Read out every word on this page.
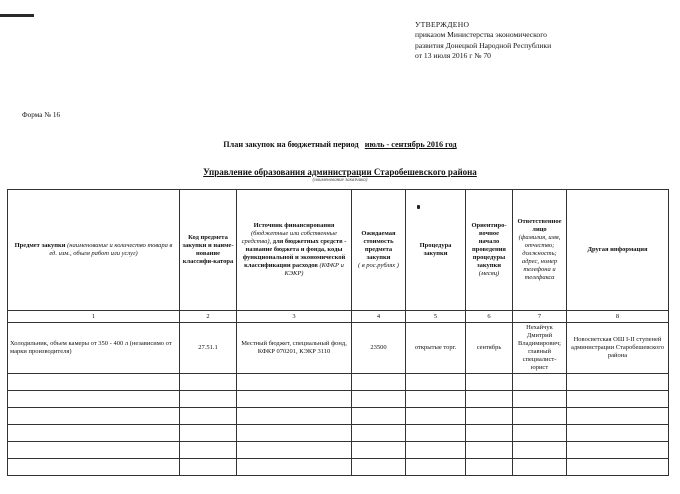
УТВЕРЖДЕНО
приказом Министерства экономического
развития Донецкой Народной Республики
от 13 июля 2016 г № 70
Форма № 16
План закупок на бюджетный период июль - сентябрь 2016 год
Управление образования администрации Старобешевского района
(наименование заказчика)
Предмет закупки (наименование и количество товара в ед. изм., объем работ или услуг)	Код предмета закупки и наиме-нование классифи-катора	Источник финансирования
(бюджетные или собственные средства), для бюджетных средств - название бюджета и фонда, коды функциональной и экономической классификации расходов (КФКР и КЭКР)	Ожидаемая стоимость предмета закупки
( в рос.рублях )	Процедура закупки	Ориентиро-вочное начало проведения процедуры закупки
(месяц)	Ответственное лицо
(фамилия, имя, отчество; должность; адрес, номер телефона и телефакса	Другая информация
1	2	3	4	5	6	7	8
Холодильник, объем камеры от 350 - 400 л (независимо от марки производителя)	27.51.1	Местный бюджет, специальный фонд, КФКР 070201, КЭКР 3110	23500	открытые торг.	сентябрь	Нехайчук Дмитрий Владимирович; главный специалист-юрист	Новосветская ОШ I-II ступеней администрации Старобешевского района
